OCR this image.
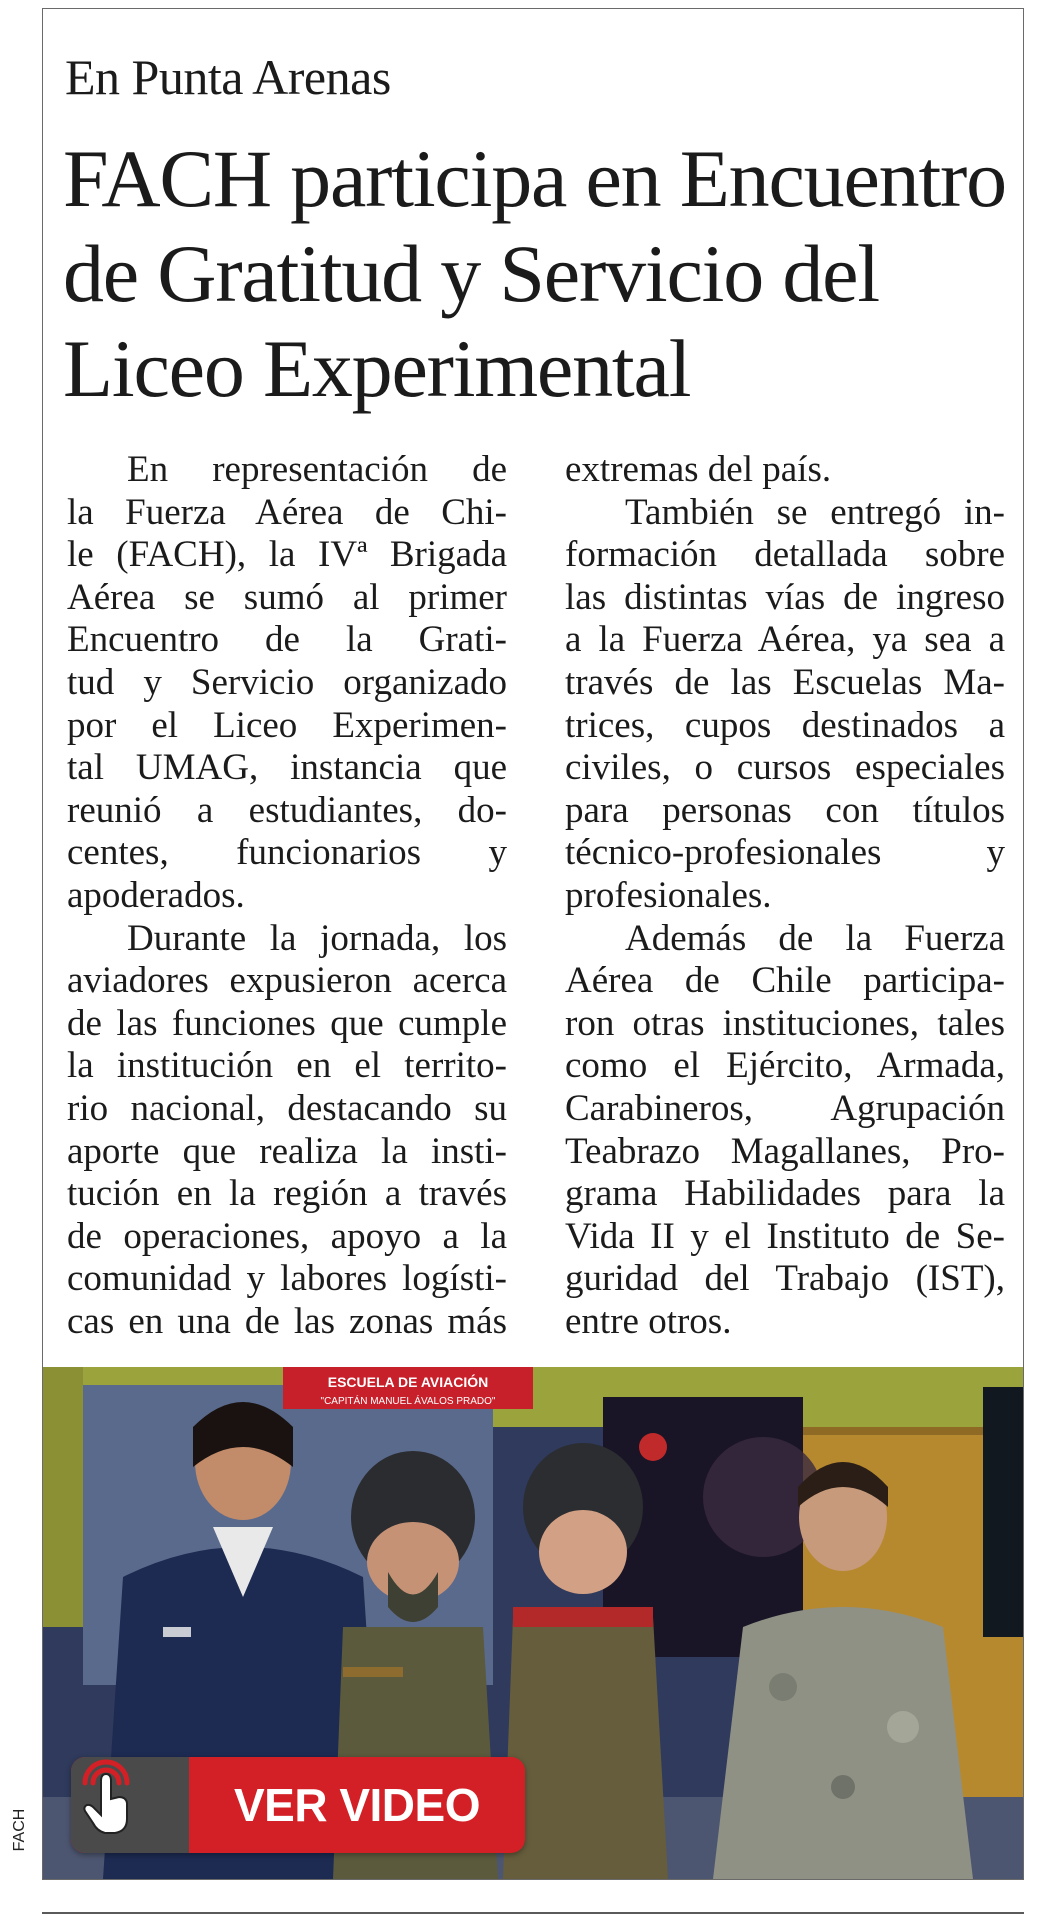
En Punta Arenas
FACH participa en Encuentro
de Gratitud y Servicio del
Liceo Experimental
En representación de
la Fuerza Aérea de Chi-
le (FACH), la IVª Brigada
Aérea se sumó al primer
Encuentro de la Grati-
tud y Servicio organizado
por el Liceo Experimen-
tal UMAG, instancia que
reunió a estudiantes, do-
centes, funcionarios y
apoderados.
Durante la jornada, los
aviadores expusieron acerca
de las funciones que cumple
la institución en el territo-
rio nacional, destacando su
aporte que realiza la insti-
tución en la región a través
de operaciones, apoyo a la
comunidad y labores logísti-
cas en una de las zonas más
extremas del país.
También se entregó in-
formación detallada sobre
las distintas vías de ingreso
a la Fuerza Aérea, ya sea a
través de las Escuelas Ma-
trices, cupos destinados a
civiles, o cursos especiales
para personas con títulos
técnico-profesionales y
profesionales.
Además de la Fuerza
Aérea de Chile participa-
ron otras instituciones, tales
como el Ejército, Armada,
Carabineros, Agrupación
Teabrazo Magallanes, Pro-
grama Habilidades para la
Vida II y el Instituto de Se-
guridad del Trabajo (IST),
entre otros.
ESCUELA DE AVIACIÓN
"CAPITÁN MANUEL ÁVALOS PRADO"
VER VIDEO
FACH
